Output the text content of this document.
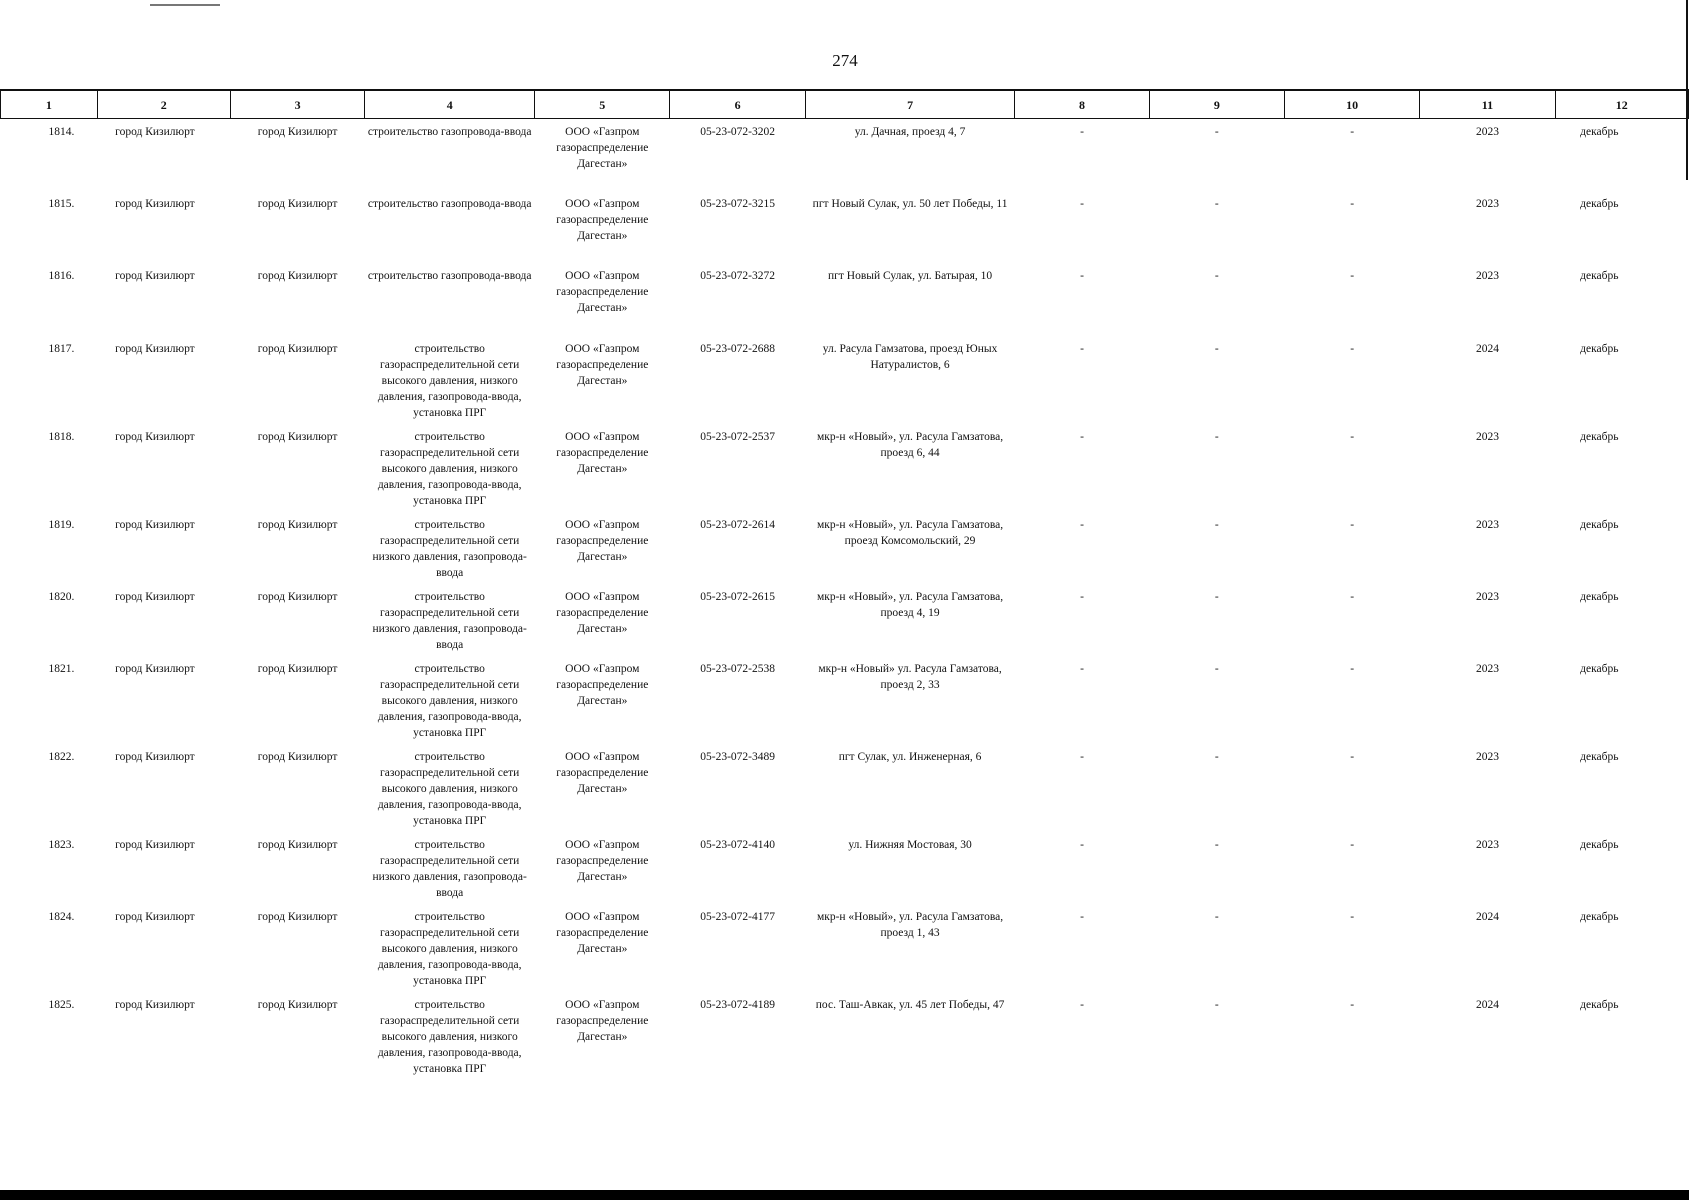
274
1	2	3	4	5	6	7	8	9	10	11	12
1814.	город Кизилюрт	город Кизилюрт	строительство газопровода-ввода	ООО «Газпром газораспределение Дагестан»	05-23-072-3202	ул. Дачная, проезд 4, 7	-	-	-	2023	декабрь
1815.	город Кизилюрт	город Кизилюрт	строительство газопровода-ввода	ООО «Газпром газораспределение Дагестан»	05-23-072-3215	пгт Новый Сулак, ул. 50 лет Победы, 11	-	-	-	2023	декабрь
1816.	город Кизилюрт	город Кизилюрт	строительство газопровода-ввода	ООО «Газпром газораспределение Дагестан»	05-23-072-3272	пгт Новый Сулак, ул. Батырая, 10	-	-	-	2023	декабрь
1817.	город Кизилюрт	город Кизилюрт	строительство газораспределительной сети высокого давления, низкого давления, газопровода-ввода, установка ПРГ	ООО «Газпром газораспределение Дагестан»	05-23-072-2688	ул. Расула Гамзатова, проезд Юных Натуралистов, 6	-	-	-	2024	декабрь
1818.	город Кизилюрт	город Кизилюрт	строительство газораспределительной сети высокого давления, низкого давления, газопровода-ввода, установка ПРГ	ООО «Газпром газораспределение Дагестан»	05-23-072-2537	мкр-н «Новый», ул. Расула Гамзатова, проезд 6, 44	-	-	-	2023	декабрь
1819.	город Кизилюрт	город Кизилюрт	строительство газораспределительной сети низкого давления, газопровода-ввода	ООО «Газпром газораспределение Дагестан»	05-23-072-2614	мкр-н «Новый», ул. Расула Гамзатова, проезд Комсомольский, 29	-	-	-	2023	декабрь
1820.	город Кизилюрт	город Кизилюрт	строительство газораспределительной сети низкого давления, газопровода-ввода	ООО «Газпром газораспределение Дагестан»	05-23-072-2615	мкр-н «Новый», ул. Расула Гамзатова, проезд 4, 19	-	-	-	2023	декабрь
1821.	город Кизилюрт	город Кизилюрт	строительство газораспределительной сети высокого давления, низкого давления, газопровода-ввода, установка ПРГ	ООО «Газпром газораспределение Дагестан»	05-23-072-2538	мкр-н «Новый» ул. Расула Гамзатова, проезд 2, 33	-	-	-	2023	декабрь
1822.	город Кизилюрт	город Кизилюрт	строительство газораспределительной сети высокого давления, низкого давления, газопровода-ввода, установка ПРГ	ООО «Газпром газораспределение Дагестан»	05-23-072-3489	пгт Сулак, ул. Инженерная, 6	-	-	-	2023	декабрь
1823.	город Кизилюрт	город Кизилюрт	строительство газораспределительной сети низкого давления, газопровода-ввода	ООО «Газпром газораспределение Дагестан»	05-23-072-4140	ул. Нижняя Мостовая, 30	-	-	-	2023	декабрь
1824.	город Кизилюрт	город Кизилюрт	строительство газораспределительной сети высокого давления, низкого давления, газопровода-ввода, установка ПРГ	ООО «Газпром газораспределение Дагестан»	05-23-072-4177	мкр-н «Новый», ул. Расула Гамзатова, проезд 1, 43	-	-	-	2024	декабрь
1825.	город Кизилюрт	город Кизилюрт	строительство газораспределительной сети высокого давления, низкого давления, газопровода-ввода, установка ПРГ	ООО «Газпром газораспределение Дагестан»	05-23-072-4189	пос. Таш-Авкак, ул. 45 лет Победы, 47	-	-	-	2024	декабрь
